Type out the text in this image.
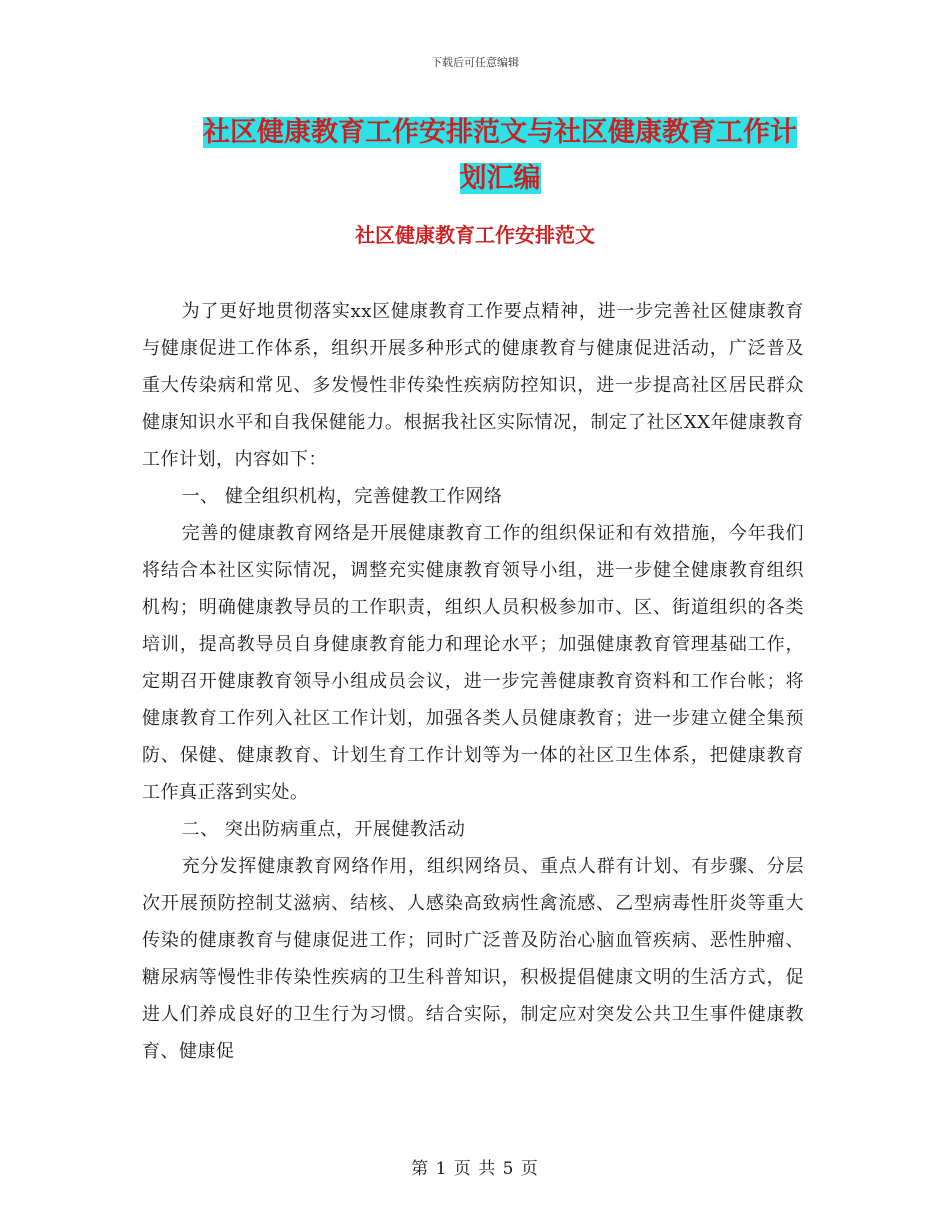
下载后可任意编辑
社区健康教育工作安排范文与社区健康教育工作计划汇编
社区健康教育工作安排范文

为了更好地贯彻落实xx区健康教育工作要点精神，进一步完善社区健康教育与健康促进工作体系，组织开展多种形式的健康教育与健康促进活动，广泛普及重大传染病和常见、多发慢性非传染性疾病防控知识，进一步提高社区居民群众健康知识水平和自我保健能力。根据我社区实际情况，制定了社区XX年健康教育工作计划，内容如下：

一、 健全组织机构，完善健教工作网络

完善的健康教育网络是开展健康教育工作的组织保证和有效措施，今年我们将结合本社区实际情况，调整充实健康教育领导小组，进一步健全健康教育组织机构；明确健康教导员的工作职责，组织人员积极参加市、区、街道组织的各类培训，提高教导员自身健康教育能力和理论水平；加强健康教育管理基础工作，定期召开健康教育领导小组成员会议，进一步完善健康教育资料和工作台帐；将健康教育工作列入社区工作计划，加强各类人员健康教育；进一步建立健全集预防、保健、健康教育、计划生育工作计划等为一体的社区卫生体系，把健康教育工作真正落到实处。

二、 突出防病重点，开展健教活动

充分发挥健康教育网络作用，组织网络员、重点人群有计划、有步骤、分层次开展预防控制艾滋病、结核、人感染高致病性禽流感、乙型病毒性肝炎等重大传染的健康教育与健康促进工作；同时广泛普及防治心脑血管疾病、恶性肿瘤、糖尿病等慢性非传染性疾病的卫生科普知识，积极提倡健康文明的生活方式，促进人们养成良好的卫生行为习惯。结合实际，制定应对突发公共卫生事件健康教育、健康促

第 1 页 共 5 页
